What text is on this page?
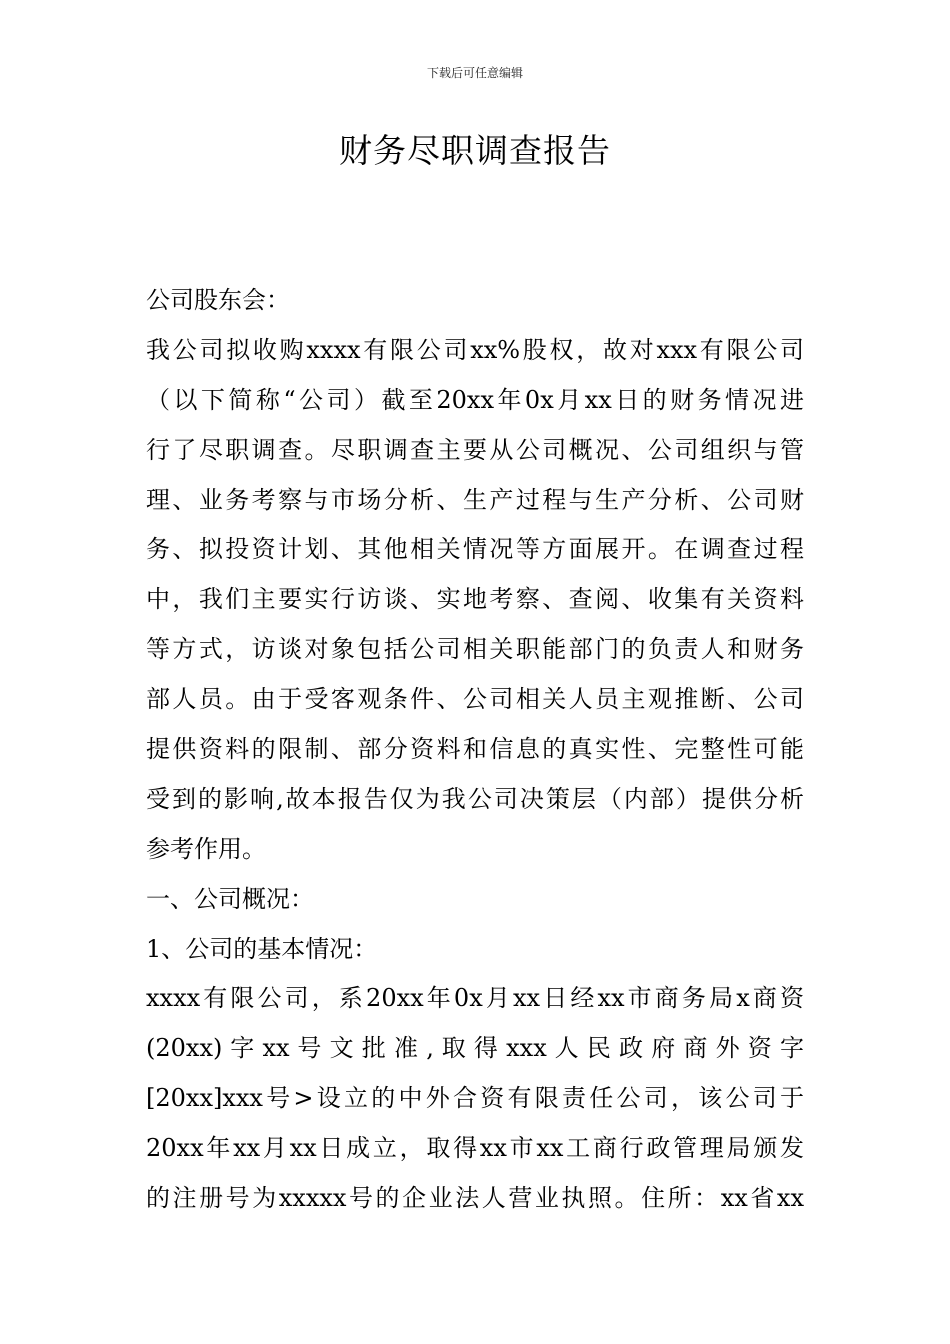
下载后可任意编辑
财务尽职调查报告
公司股东会：
我公司拟收购xxxx有限公司xx%股权，故对xxx有限公司
（以下简称“公司）截至20xx年0x月xx日的财务情况进
行了尽职调查。尽职调查主要从公司概况、公司组织与管
理、业务考察与市场分析、生产过程与生产分析、公司财
务、拟投资计划、其他相关情况等方面展开。在调查过程
中，我们主要实行访谈、实地考察、查阅、收集有关资料
等方式，访谈对象包括公司相关职能部门的负责人和财务
部人员。由于受客观条件、公司相关人员主观推断、公司
提供资料的限制、部分资料和信息的真实性、完整性可能
受到的影响,故本报告仅为我公司决策层（内部）提供分析
参考作用。
一、公司概况：
1、公司的基本情况：
xxxx有限公司，系20xx年0x月xx日经xx市商务局x商资
(20xx) 字 xx 号 文 批 准 , 取 得 xxx 人 民 政 府 商 外 资 字
[20xx]xxx号>设立的中外合资有限责任公司，该公司于
20xx年xx月xx日成立，取得xx市xx工商行政管理局颁发
的注册号为xxxxx号的企业法人营业执照。住所：xx省xx
